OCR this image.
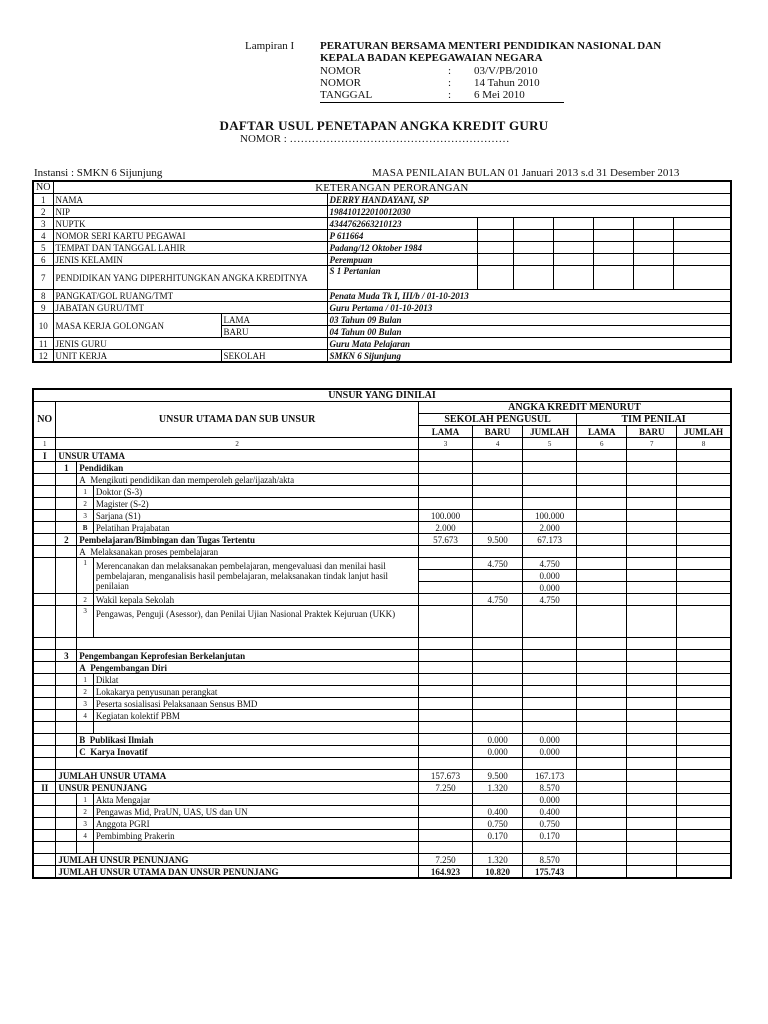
Lampiran I PERATURAN BERSAMA MENTERI PENDIDIKAN NASIONAL DAN
KEPALA BADAN KEPEGAWAIAN NEGARA
NOMOR	: 03/V/PB/2010
NOMOR	: 14 Tahun 2010
TANGGAL	: 6 Mei 2010
DAFTAR USUL PENETAPAN ANGKA KREDIT GURU
NOMOR : ……………………………………………………
Instansi : SMKN 6 Sijunjung	MASA PENILAIAN BULAN 01 Januari 2013 s.d 31 Desember 2013
NO	KETERANGAN PERORANGAN								
1	NAMA		DERRY HANDAYANI, SP						
2	NIP		198410122010012030						
3	NUPTK		4344762663210123						
4	NOMOR SERI KARTU PEGAWAI		P 611664						
5	TEMPAT DAN TANGGAL LAHIR		Padang/12 Oktober 1984						
6	JENIS KELAMIN		Perempuan						
7	PENDIDIKAN YANG DIPERHITUNGKAN ANGKA KREDITNYA		S 1 Pertanian						
8	PANGKAT/GOL RUANG/TMT		Penata Muda Tk I, III/b / 01-10-2013						
9	JABATAN GURU/TMT		Guru Pertama / 01-10-2013						
10	MASA KERJA GOLONGAN	LAMA	03 Tahun 09 Bulan						
		BARU	04 Tahun 00 Bulan						
11	JENIS GURU		Guru Mata Pelajaran						
12	UNIT KERJA	SEKOLAH	SMKN 6 Sijunjung						
UNSUR YANG DINILAI									
NO	UNSUR UTAMA DAN SUB UNSUR			ANGKA KREDIT MENURUT					
				SEKOLAH PENGUSUL			TIM PENILAI		
				LAMA	BARU	JUMLAH	LAMA	BARU	JUMLAH
1	2			3	4	5	6	7	8
I	UNSUR UTAMA								
	1	Pendidikan							
		A Mengikuti pendidikan dan memperoleh gelar/ijazah/akta							
		1	Doktor (S-3)						
		2	Magister (S-2)						
		3	Sarjana (S1)	100.000		100.000			
		B	Pelatihan Prajabatan	2.000		2.000			
	2	Pembelajaran/Bimbingan dan Tugas Tertentu		57.673	9.500	67.173			
		A Melaksanakan proses pembelajaran							
		1	Merencanakan dan melaksanakan pembelajaran, mengevaluasi dan menilai hasil pembelajaran, menganalisis hasil pembelajaran, melaksanakan tindak lanjut hasil penilaian		4.750	4.750			
						0.000			
						0.000			
		2	Wakil kepala Sekolah		4.750	4.750			
		3	Pengawas, Penguji (Asessor), dan Penilai Ujian Nasional Praktek Kejuruan (UKK)						

	3	Pengembangan Keprofesian Berkelanjutan							
		A Pengembangan Diri							
		1	Diklat						
		2	Lokakarya penyusunan perangkat						
		3	Peserta sosialisasi Pelaksanaan Sensus BMD						
		4	Kegiatan kolektif PBM						

		B Publikasi Ilmiah			0.000	0.000			
		C Karya Inovatif			0.000	0.000			

	JUMLAH UNSUR UTAMA			157.673	9.500	167.173			
II	UNSUR PENUNJANG			7.250	1.320	8.570			
		1	Akta Mengajar			0.000			
		2	Pengawas Mid, PraUN, UAS, US dan UN		0.400	0.400			
		3	Anggota PGRI		0.750	0.750			
		4	Pembimbing Prakerin		0.170	0.170			

	JUMLAH UNSUR PENUNJANG			7.250	1.320	8.570			
	JUMLAH UNSUR UTAMA DAN UNSUR PENUNJANG			164.923	10.820	175.743			
